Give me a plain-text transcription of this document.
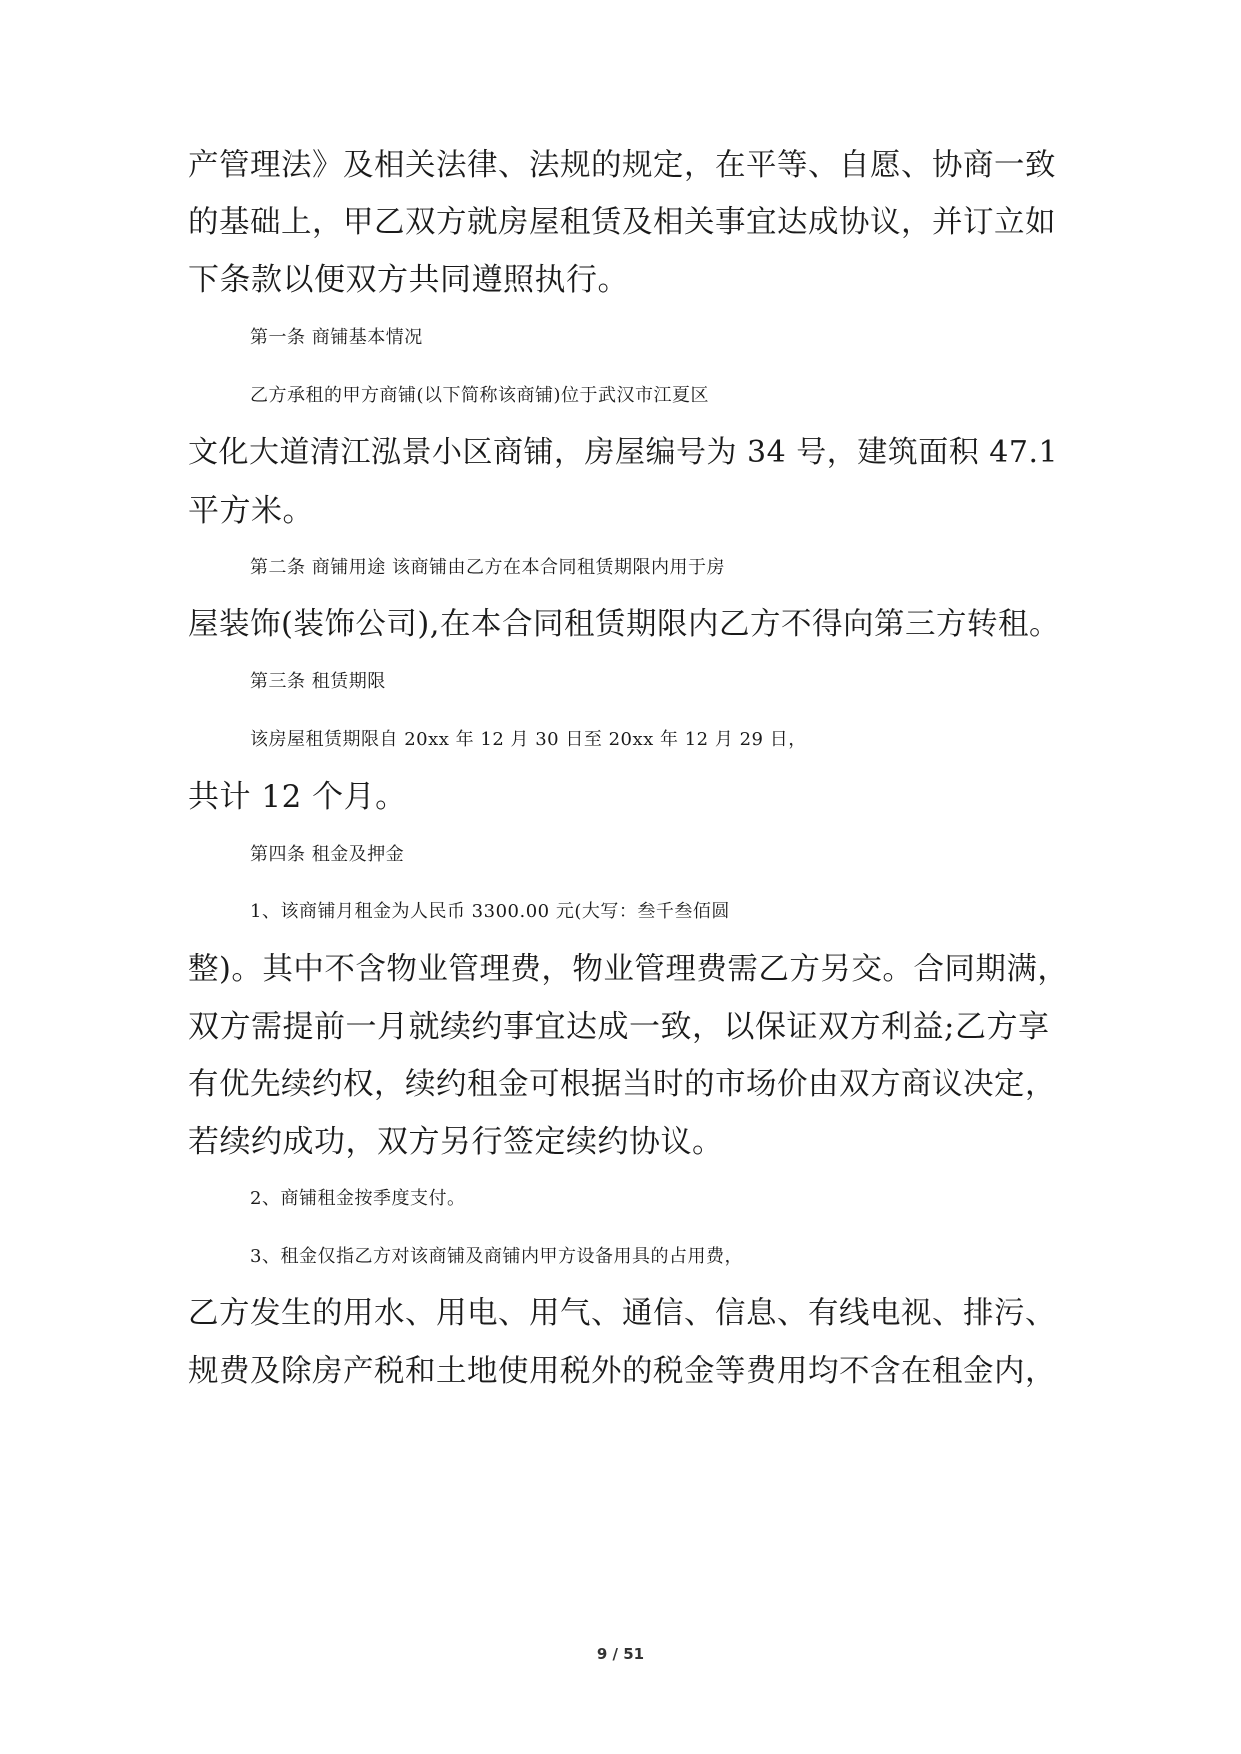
产管理法》及相关法律、法规的规定，在平等、自愿、协商一致
的基础上，甲乙双方就房屋租赁及相关事宜达成协议，并订立如
下条款以便双方共同遵照执行。
第一条 商铺基本情况
乙方承租的甲方商铺(以下简称该商铺)位于武汉市江夏区
文化大道清江泓景小区商铺，房屋编号为 34 号，建筑面积 47.1
平方米。
第二条 商铺用途 该商铺由乙方在本合同租赁期限内用于房
屋装饰(装饰公司),在本合同租赁期限内乙方不得向第三方转租。
第三条 租赁期限
该房屋租赁期限自 20xx 年 12 月 30 日至 20xx 年 12 月 29 日，
共计 12 个月。
第四条 租金及押金
1、该商铺月租金为人民币 3300.00 元(大写：叁千叁佰圆
整)。其中不含物业管理费，物业管理费需乙方另交。合同期满，
双方需提前一月就续约事宜达成一致，以保证双方利益;乙方享
有优先续约权，续约租金可根据当时的市场价由双方商议决定，
若续约成功，双方另行签定续约协议。
2、商铺租金按季度支付。
3、租金仅指乙方对该商铺及商铺内甲方设备用具的占用费，
乙方发生的用水、用电、用气、通信、信息、有线电视、排污、
规费及除房产税和土地使用税外的税金等费用均不含在租金内，
9 / 51
